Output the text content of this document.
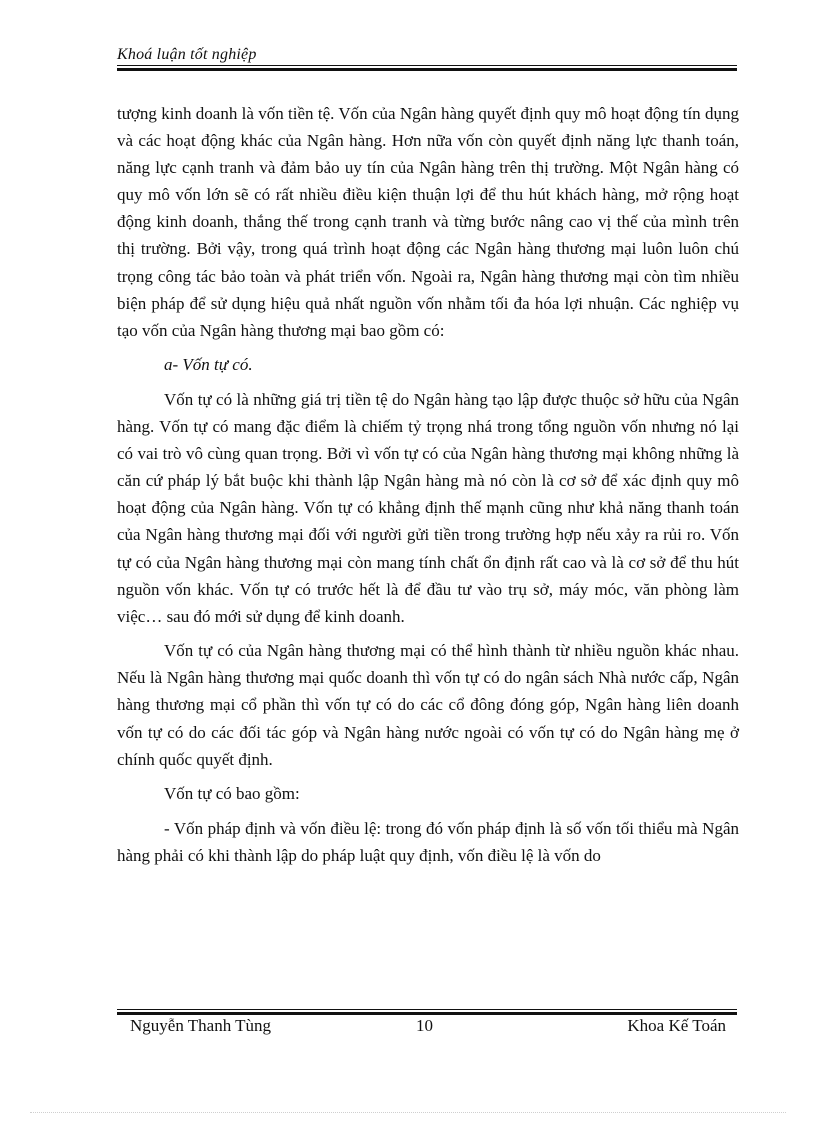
Khoá luận tốt nghiệp

tượng kinh doanh là vốn tiền tệ. Vốn của Ngân hàng quyết định quy mô hoạt động tín dụng và các hoạt động khác của Ngân hàng. Hơn nữa vốn còn quyết định năng lực thanh toán, năng lực cạnh tranh và đảm bảo uy tín của Ngân hàng trên thị trường. Một Ngân hàng có quy mô vốn lớn sẽ có rất nhiều điều kiện thuận lợi để thu hút khách hàng, mở rộng hoạt động kinh doanh, thắng thế trong cạnh tranh và từng bước nâng cao vị thế của mình trên thị trường. Bởi vậy, trong quá trình hoạt động các Ngân hàng thương mại luôn luôn chú trọng công tác bảo toàn và phát triển vốn. Ngoài ra, Ngân hàng thương mại còn tìm nhiều biện pháp để sử dụng hiệu quả nhất nguồn vốn nhằm tối đa hóa lợi nhuận. Các nghiệp vụ tạo vốn của Ngân hàng thương mại bao gồm có:

a- Vốn tự có.

Vốn tự có là những giá trị tiền tệ do Ngân hàng tạo lập được thuộc sở hữu của Ngân hàng. Vốn tự có mang đặc điểm là chiếm tỷ trọng nhá trong tổng nguồn vốn nhưng nó lại có vai trò vô cùng quan trọng. Bởi vì vốn tự có của Ngân hàng thương mại không những là căn cứ pháp lý bắt buộc khi thành lập Ngân hàng mà nó còn là cơ sở để xác định quy mô hoạt động của Ngân hàng. Vốn tự có khẳng định thế mạnh cũng như khả năng thanh toán của Ngân hàng thương mại đối với người gửi tiền trong trường hợp nếu xảy ra rủi ro. Vốn tự có của Ngân hàng thương mại còn mang tính chất ổn định rất cao và là cơ sở để thu hút nguồn vốn khác. Vốn tự có trước hết là để đầu tư vào trụ sở, máy móc, văn phòng làm việc… sau đó mới sử dụng để kinh doanh.

Vốn tự có của Ngân hàng thương mại có thể hình thành từ nhiều nguồn khác nhau. Nếu là Ngân hàng thương mại quốc doanh thì vốn tự có do ngân sách Nhà nước cấp, Ngân hàng thương mại cổ phần thì vốn tự có do các cổ đông đóng góp, Ngân hàng liên doanh vốn tự có do các đối tác góp và Ngân hàng nước ngoài có vốn tự có do Ngân hàng mẹ ở chính quốc quyết định.

Vốn tự có bao gồm:

- Vốn pháp định và vốn điều lệ: trong đó vốn pháp định là số vốn tối thiểu mà Ngân hàng phải có khi thành lập do pháp luật quy định, vốn điều lệ là vốn do

Nguyễn Thanh Tùng	10	Khoa Kế Toán
